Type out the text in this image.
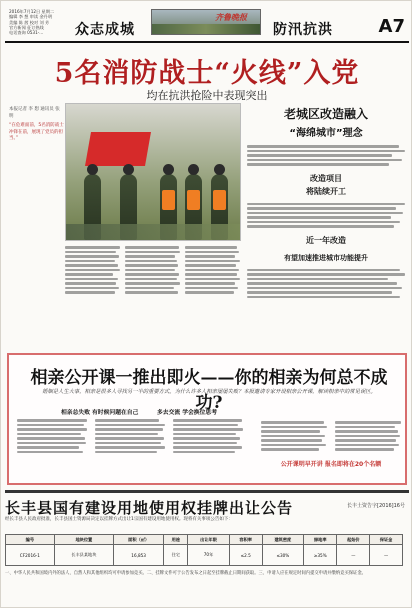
2016年7月12日 星期二
编辑 李 想 审读 金丹明
美编 陈 茜 校对 刘 芳
官方新闻 征订热线
电话查询 0531-...	众志成城
齐鲁晚报
防汛抗洪	A7
5名消防战士“火线”入党
均在抗洪抢险中表现突出
本报记者 李 想 通讯员 张明
“在危难面前，5名消防战士冲锋在前，展现了党员的担当。”
老城区改造融入
“海绵城市”理念
改造项目
将陆续开工
近一年改造
有望加速推进城市功能提升
相亲公开课一推出即火——你的相亲为何总不成功?
婚姻是人生大事，相亲是很多人寻找另一半的重要方式。为什么许多人相亲屡屡失败？本报邀请专家开设相亲公开课，解读相亲中的常见误区。
相亲总失败 有时候问题在自己	多去交流 学会换位思考
公开课明早开讲 报名即将在20个名额
长丰县国有建设用地使用权挂牌出让公告	长丰土资告字[2016]16号
经长丰县人民政府批准，长丰县国土资源局决定以挂牌方式出让1宗国有建设用地使用权。现将有关事项公告如下：
编号	地块位置	面积（㎡）	用途	出让年限	容积率	建筑密度	绿地率	起始价	保证金
CF2016-1	长丰县某地块	16,853	住宅	70年	≤2.5	≤30%	≥35%	—	—
一、中华人民共和国境内外的法人、自然人和其他组织均可申请参加竞买。二、挂牌文件可于公告发布之日起至挂牌截止日期间获取。三、申请人应在规定时间内提交申请并缴纳竞买保证金。
